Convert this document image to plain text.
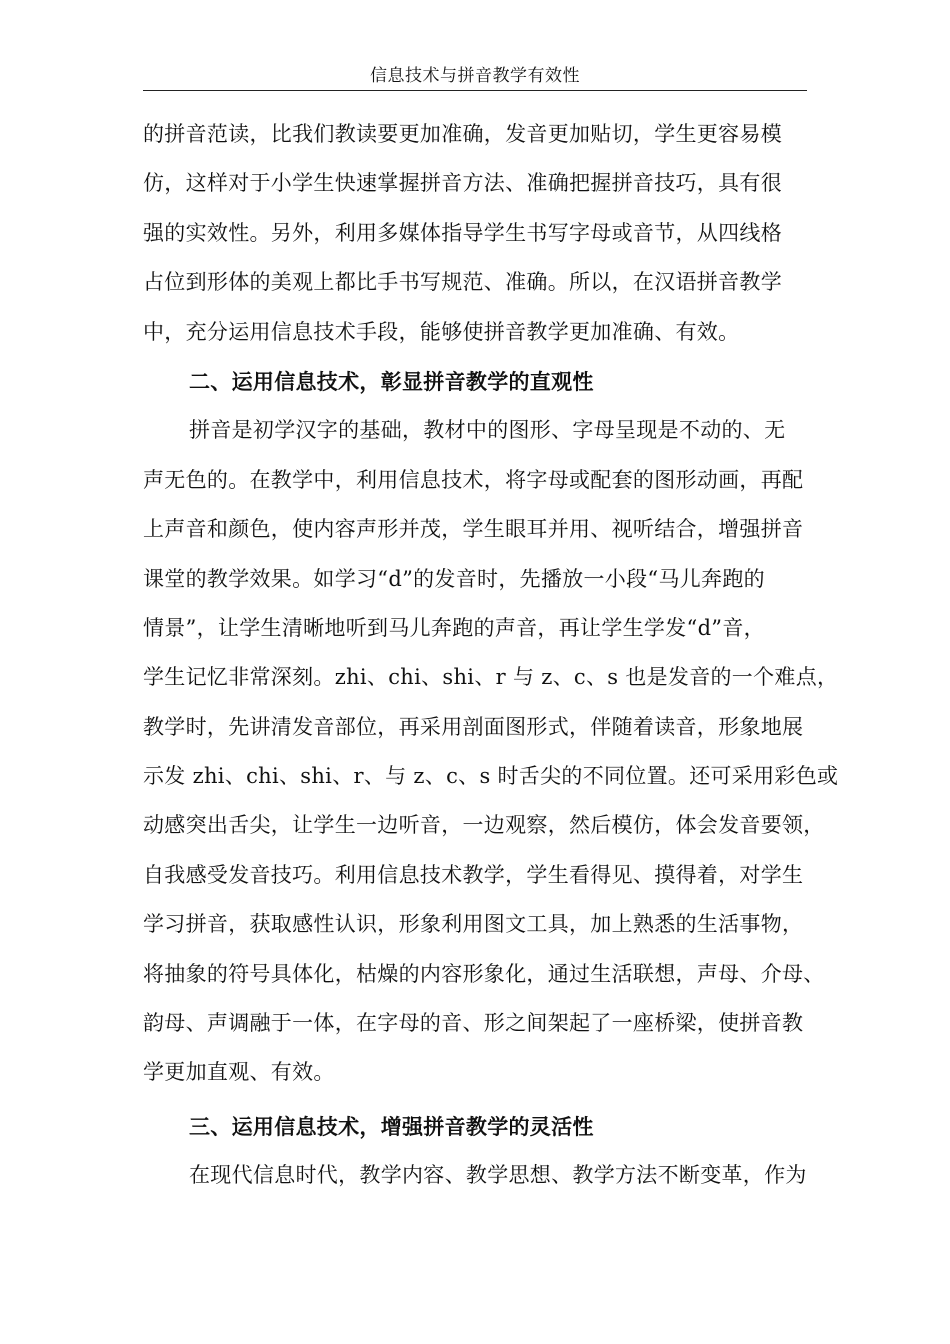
信息技术与拼音教学有效性
的拼音范读，比我们教读要更加准确，发音更加贴切，学生更容易模
仿，这样对于小学生快速掌握拼音方法、准确把握拼音技巧，具有很
强的实效性。另外，利用多媒体指导学生书写字母或音节，从四线格
占位到形体的美观上都比手书写规范、准确。所以，在汉语拼音教学
中，充分运用信息技术手段，能够使拼音教学更加准确、有效。
二、运用信息技术，彰显拼音教学的直观性
拼音是初学汉字的基础，教材中的图形、字母呈现是不动的、无
声无色的。在教学中，利用信息技术，将字母或配套的图形动画，再配
上声音和颜色，使内容声形并茂，学生眼耳并用、视听结合，增强拼音
课堂的教学效果。如学习“d”的发音时，先播放一小段“马儿奔跑的
情景”，让学生清晰地听到马儿奔跑的声音，再让学生学发“d”音，
学生记忆非常深刻。zhi、chi、shi、r 与 z、c、s 也是发音的一个难点，
教学时，先讲清发音部位，再采用剖面图形式，伴随着读音，形象地展
示发 zhi、chi、shi、r、与 z、c、s 时舌尖的不同位置。还可采用彩色或
动感突出舌尖，让学生一边听音，一边观察，然后模仿，体会发音要领，
自我感受发音技巧。利用信息技术教学，学生看得见、摸得着，对学生
学习拼音，获取感性认识，形象利用图文工具，加上熟悉的生活事物，
将抽象的符号具体化，枯燥的内容形象化，通过生活联想，声母、介母、
韵母、声调融于一体，在字母的音、形之间架起了一座桥梁，使拼音教
学更加直观、有效。
三、运用信息技术，增强拼音教学的灵活性
在现代信息时代，教学内容、教学思想、教学方法不断变革，作为
